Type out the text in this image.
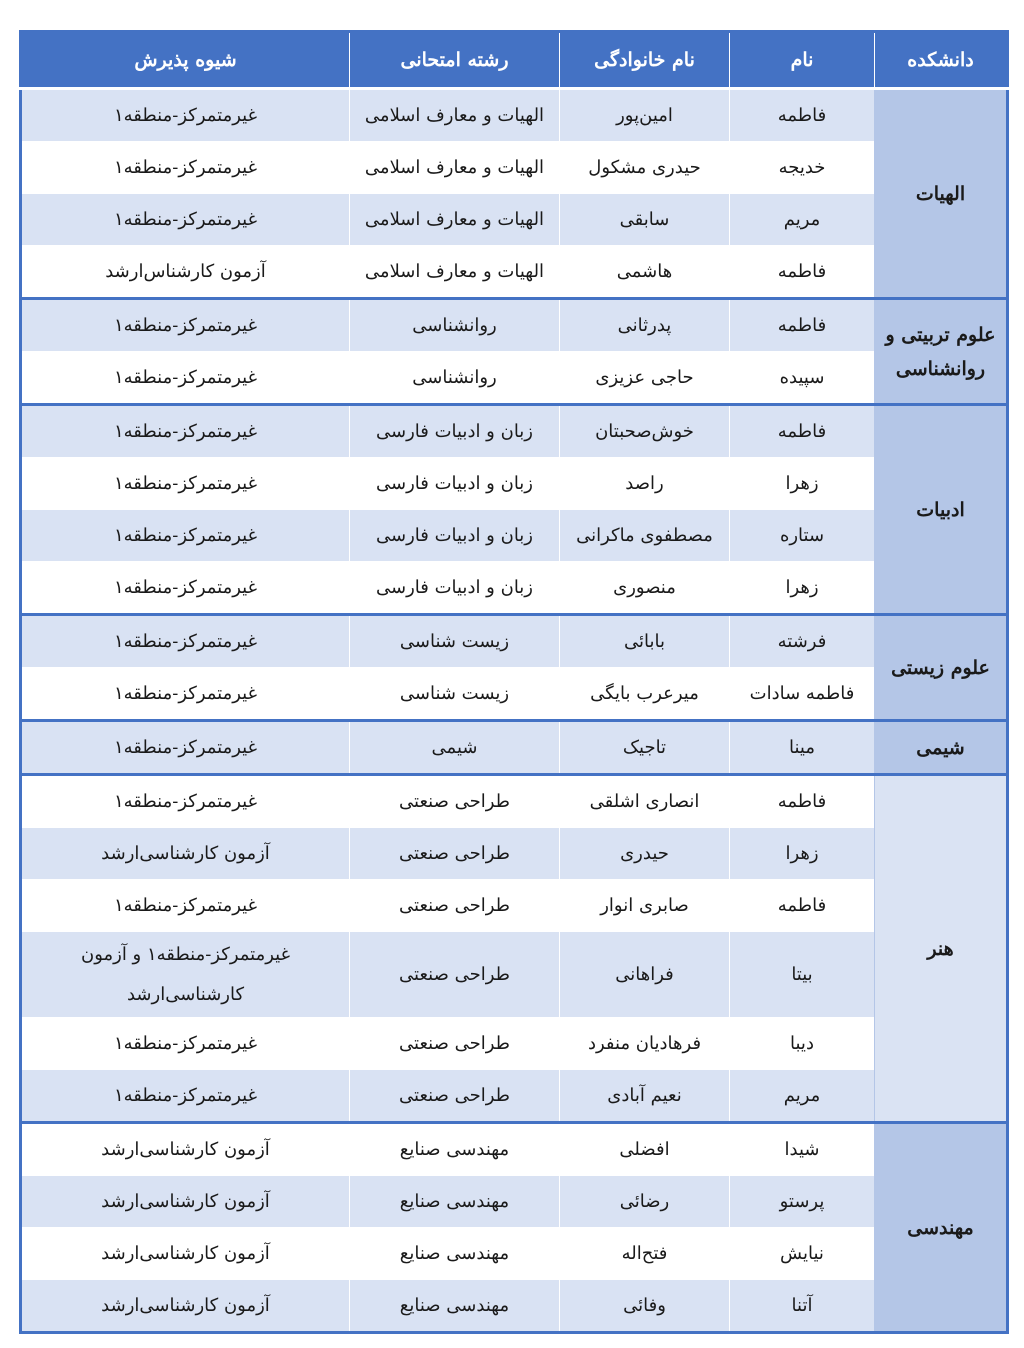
دانشکده	نام	نام خانوادگی	رشته امتحانی	شیوه پذیرش
الهیات	فاطمه	امین‌پور	الهیات و معارف اسلامی	غیرمتمرکز-منطقه۱
	خدیجه	حیدری مشکول	الهیات و معارف اسلامی	غیرمتمرکز-منطقه۱
	مریم	سابقی	الهیات و معارف اسلامی	غیرمتمرکز-منطقه۱
	فاطمه	هاشمی	الهیات و معارف اسلامی	آزمون کارشناس‌ارشد
علوم تربیتی و روانشناسی	فاطمه	پدرثانی	روانشناسی	غیرمتمرکز-منطقه۱
	سپیده	حاجی عزیزی	روانشناسی	غیرمتمرکز-منطقه۱
ادبیات	فاطمه	خوش‌صحبتان	زبان و ادبیات فارسی	غیرمتمرکز-منطقه۱
	زهرا	راصد	زبان و ادبیات فارسی	غیرمتمرکز-منطقه۱
	ستاره	مصطفوی ماکرانی	زبان و ادبیات فارسی	غیرمتمرکز-منطقه۱
	زهرا	منصوری	زبان و ادبیات فارسی	غیرمتمرکز-منطقه۱
علوم زیستی	فرشته	بابائی	زیست شناسی	غیرمتمرکز-منطقه۱
	فاطمه سادات	میرعرب بایگی	زیست شناسی	غیرمتمرکز-منطقه۱
شیمی	مینا	تاجیک	شیمی	غیرمتمرکز-منطقه۱
هنر	فاطمه	انصاری اشلقی	طراحی صنعتی	غیرمتمرکز-منطقه۱
	زهرا	حیدری	طراحی صنعتی	آزمون کارشناسی‌ارشد
	فاطمه	صابری انوار	طراحی صنعتی	غیرمتمرکز-منطقه۱
	بیتا	فراهانی	طراحی صنعتی	غیرمتمرکز-منطقه۱ و آزمون کارشناسی‌ارشد
	دیبا	فرهادیان منفرد	طراحی صنعتی	غیرمتمرکز-منطقه۱
	مریم	نعیم آبادی	طراحی صنعتی	غیرمتمرکز-منطقه۱
مهندسی	شیدا	افضلی	مهندسی صنایع	آزمون کارشناسی‌ارشد
	پرستو	رضائی	مهندسی صنایع	آزمون کارشناسی‌ارشد
	نیایش	فتح‌اله	مهندسی صنایع	آزمون کارشناسی‌ارشد
	آتنا	وفائی	مهندسی صنایع	آزمون کارشناسی‌ارشد
